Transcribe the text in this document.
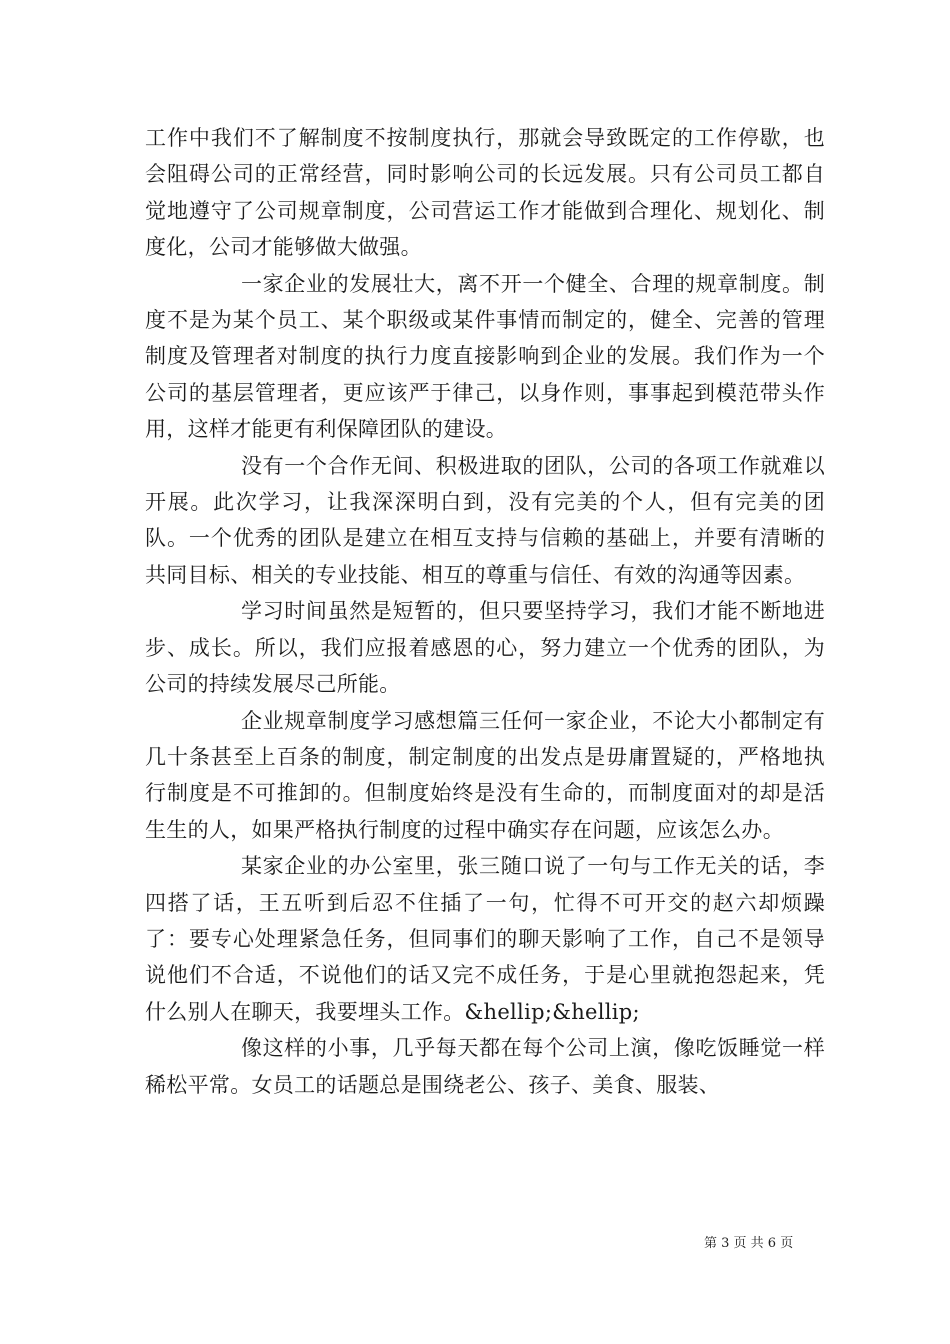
工作中我们不了解制度不按制度执行，那就会导致既定的工作停歇，也会阻碍公司的正常经营，同时影响公司的长远发展。只有公司员工都自觉地遵守了公司规章制度，公司营运工作才能做到合理化、规划化、制度化，公司才能够做大做强。

一家企业的发展壮大，离不开一个健全、合理的规章制度。制度不是为某个员工、某个职级或某件事情而制定的，健全、完善的管理制度及管理者对制度的执行力度直接影响到企业的发展。我们作为一个公司的基层管理者，更应该严于律己，以身作则，事事起到模范带头作用，这样才能更有利保障团队的建设。

没有一个合作无间、积极进取的团队，公司的各项工作就难以开展。此次学习，让我深深明白到，没有完美的个人，但有完美的团队。一个优秀的团队是建立在相互支持与信赖的基础上，并要有清晰的共同目标、相关的专业技能、相互的尊重与信任、有效的沟通等因素。

学习时间虽然是短暂的，但只要坚持学习，我们才能不断地进步、成长。所以，我们应报着感恩的心，努力建立一个优秀的团队，为公司的持续发展尽己所能。

企业规章制度学习感想篇三任何一家企业，不论大小都制定有几十条甚至上百条的制度，制定制度的出发点是毋庸置疑的，严格地执行制度是不可推卸的。但制度始终是没有生命的，而制度面对的却是活生生的人，如果严格执行制度的过程中确实存在问题，应该怎么办。

某家企业的办公室里，张三随口说了一句与工作无关的话，李四搭了话，王五听到后忍不住插了一句，忙得不可开交的赵六却烦躁了：要专心处理紧急任务，但同事们的聊天影响了工作，自己不是领导说他们不合适，不说他们的话又完不成任务，于是心里就抱怨起来，凭什么别人在聊天，我要埋头工作。&hellip;&hellip;

像这样的小事，几乎每天都在每个公司上演，像吃饭睡觉一样稀松平常。女员工的话题总是围绕老公、孩子、美食、服装、

第 3 页 共 6 页
